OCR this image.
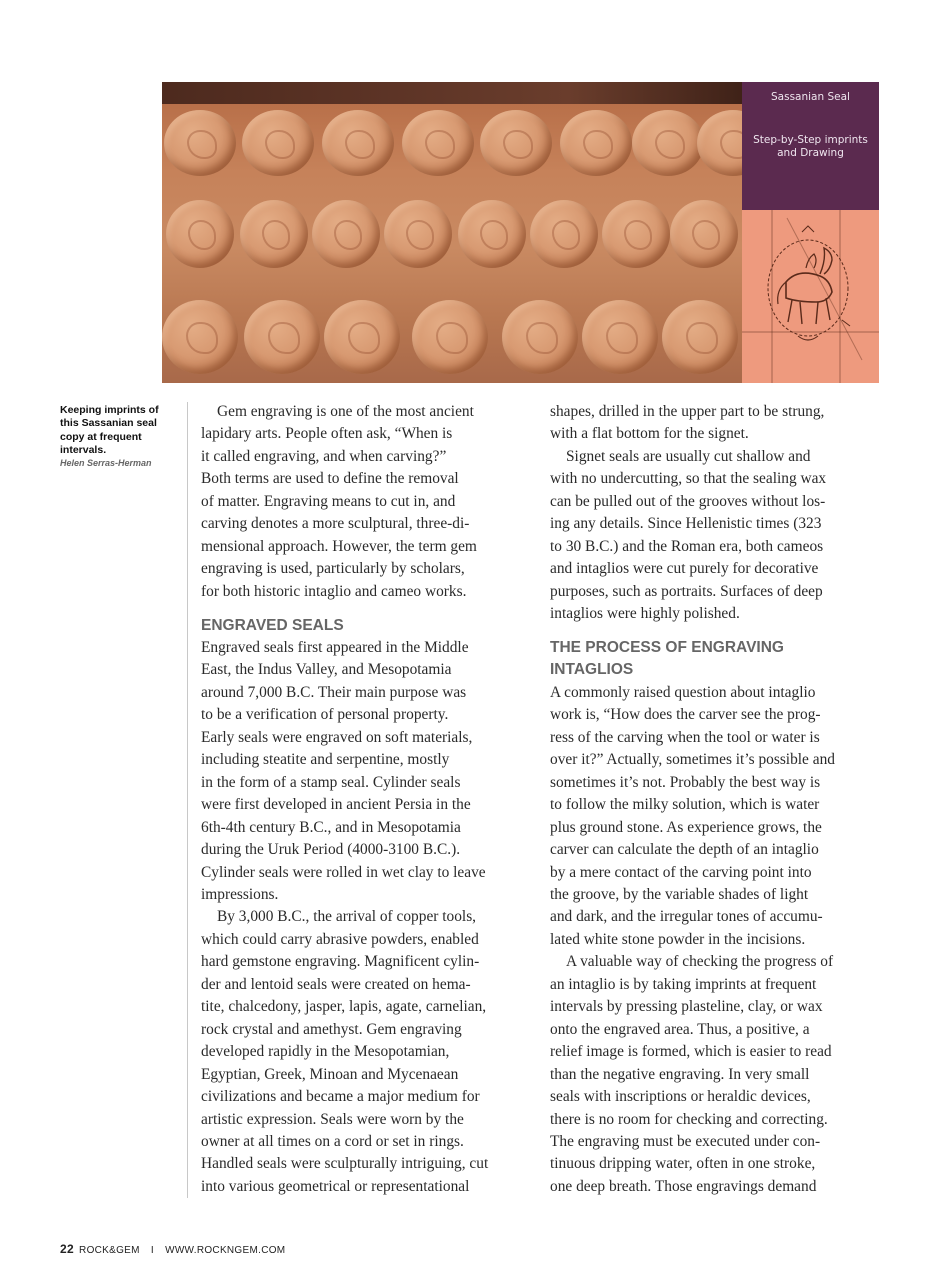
Sassanian Seal
Step-by-Step imprints and Drawing
Keeping imprints of this Sassanian seal copy at frequent intervals.
Helen Serras-Herman
Gem engraving is one of the most ancient
lapidary arts. People often ask, “When is
it called engraving, and when carving?”
Both terms are used to define the removal
of matter. Engraving means to cut in, and
carving denotes a more sculptural, three-di-
mensional approach. However, the term gem
engraving is used, particularly by scholars,
for both historic intaglio and cameo works.
ENGRAVED SEALS
Engraved seals first appeared in the Middle
East, the Indus Valley, and Mesopotamia
around 7,000 B.C. Their main purpose was
to be a verification of personal property.
Early seals were engraved on soft materials,
including steatite and serpentine, mostly
in the form of a stamp seal. Cylinder seals
were first developed in ancient Persia in the
6th-4th century B.C., and in Mesopotamia
during the Uruk Period (4000-3100 B.C.).
Cylinder seals were rolled in wet clay to leave
impressions.
By 3,000 B.C., the arrival of copper tools,
which could carry abrasive powders, enabled
hard gemstone engraving. Magnificent cylin-
der and lentoid seals were created on hema-
tite, chalcedony, jasper, lapis, agate, carnelian,
rock crystal and amethyst. Gem engraving
developed rapidly in the Mesopotamian,
Egyptian, Greek, Minoan and Mycenaean
civilizations and became a major medium for
artistic expression. Seals were worn by the
owner at all times on a cord or set in rings.
Handled seals were sculpturally intriguing, cut
into various geometrical or representational
shapes, drilled in the upper part to be strung,
with a flat bottom for the signet.
Signet seals are usually cut shallow and
with no undercutting, so that the sealing wax
can be pulled out of the grooves without los-
ing any details. Since Hellenistic times (323
to 30 B.C.) and the Roman era, both cameos
and intaglios were cut purely for decorative
purposes, such as portraits. Surfaces of deep
intaglios were highly polished.
THE PROCESS OF ENGRAVING
INTAGLIOS
A commonly raised question about intaglio
work is, “How does the carver see the prog-
ress of the carving when the tool or water is
over it?” Actually, sometimes it’s possible and
sometimes it’s not. Probably the best way is
to follow the milky solution, which is water
plus ground stone. As experience grows, the
carver can calculate the depth of an intaglio
by a mere contact of the carving point into
the groove, by the variable shades of light
and dark, and the irregular tones of accumu-
lated white stone powder in the incisions.
A valuable way of checking the progress of
an intaglio is by taking imprints at frequent
intervals by pressing plasteline, clay, or wax
onto the engraved area. Thus, a positive, a
relief image is formed, which is easier to read
than the negative engraving. In very small
seals with inscriptions or heraldic devices,
there is no room for checking and correcting.
The engraving must be executed under con-
tinuous dripping water, often in one stroke,
one deep breath. Those engravings demand
22 ROCK&GEM I WWW.ROCKNGEM.COM
